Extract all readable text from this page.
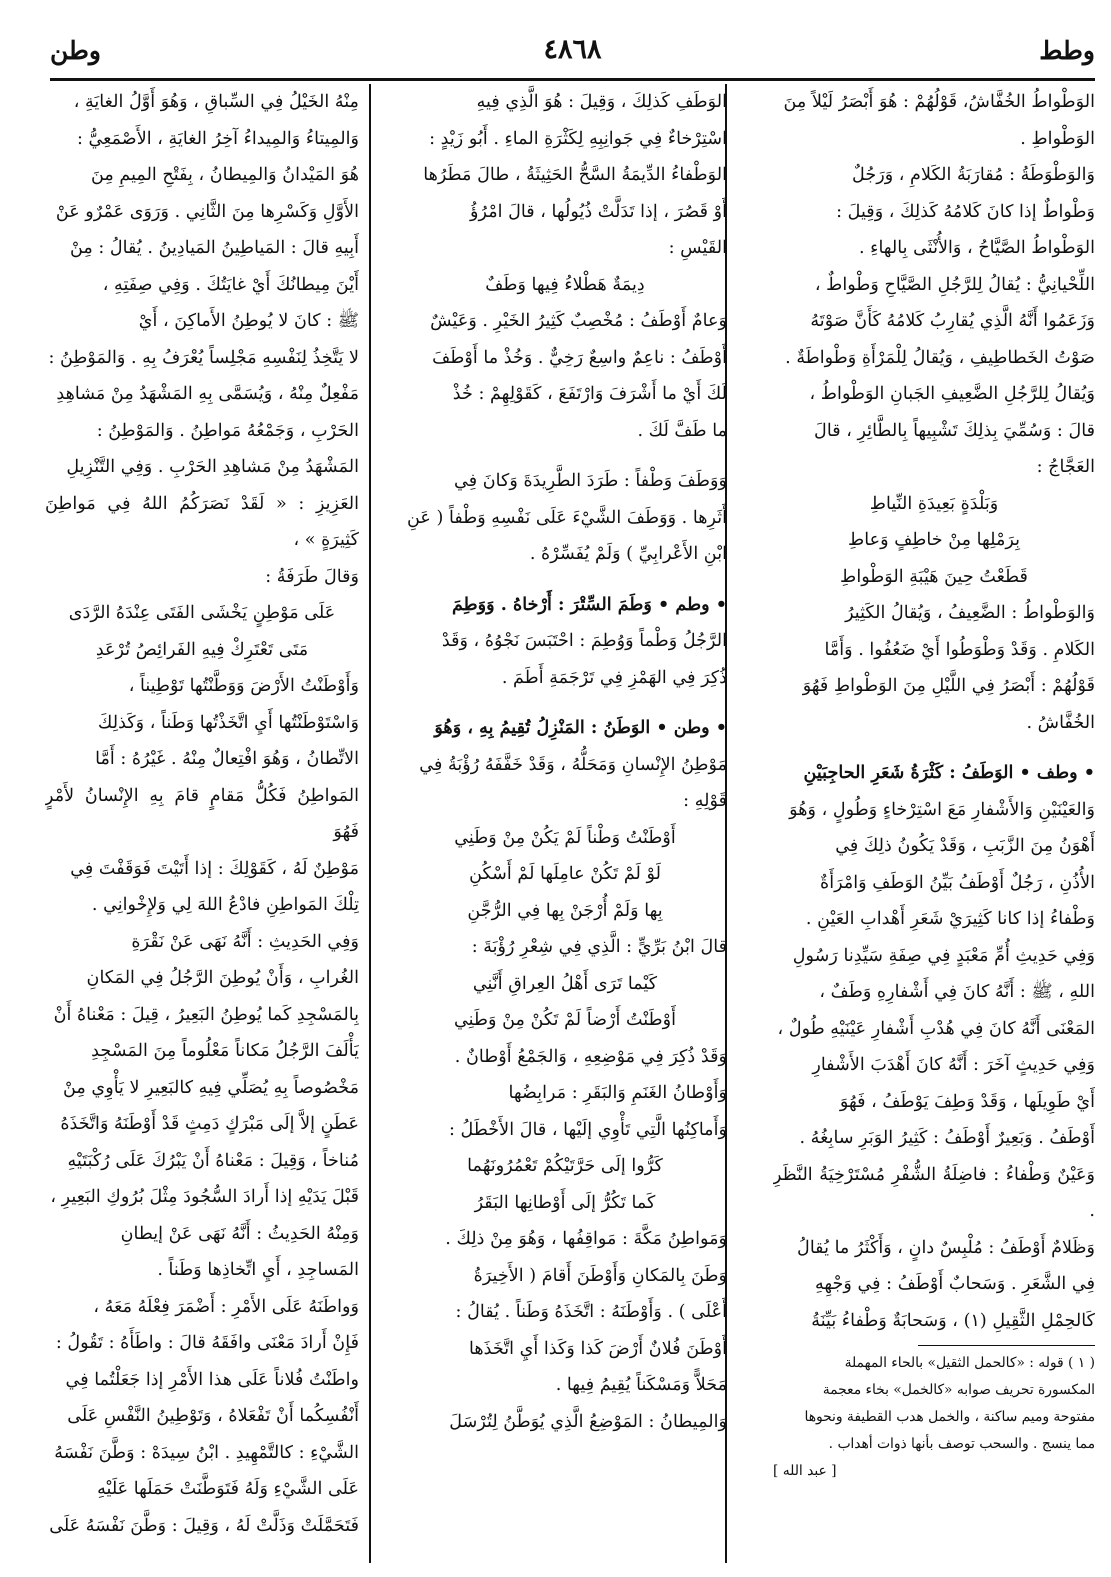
وطط
٤٨٦٨
وطن

الوَطْواطُ الخُفَّاشُ، قَوْلُهُمْ : هُوَ أَبْصَرُ لَيْلاً مِنَ

الوَطْواطِ .

وَالوَطْوَطَةُ : مُقارَبَةُ الكَلامِ ، وَرَجُلٌ

وَطْواطٌ إذا كانَ كَلامُهُ كَذلِكَ ، وَقِيلَ :

الوَطْواطُ الصَّيَّاحُ ، وَالأُنْثَى بِالهاءِ .

اللِّحْيانِيُّ : يُقالُ لِلرَّجُلِ الصَّيَّاحِ وَطْواطٌ ،

وَزَعَمُوا أَنَّهُ الَّذِي يُقارِبُ كَلامُهُ كَأَنَّ صَوْتَهُ

صَوْتُ الخَطاطِيفِ ، وَيُقالُ لِلْمَرْأَةِ وَطْواطَةٌ .

وَيُقالُ لِلرَّجُلِ الضَّعِيفِ الجَبانِ الوَطْواطُ ،

قالَ : وَسُمِّيَ بِذلِكَ تَشْبِيهاً بِالطَّائِرِ ، قالَ

العَجَّاجُ :

وَبَلْدَةٍ بَعِيدَةِ النِّياطِ

بِرَمْلِها مِنْ خاطِفٍ وَعاطِ

قَطَعْتُ حِينَ هَيْبَةِ الوَطْواطِ

وَالوَطْواطُ : الضَّعِيفُ ، وَيُقالُ الكَثِيرُ

الكَلامِ . وَقَدْ وَطْوَطُوا أَيْ ضَعُفُوا . وَأَمَّا

قَوْلُهُمْ : أَبْصَرُ فِي اللَّيْلِ مِنَ الوَطْواطِ فَهُوَ

الخُفَّاشُ .

• وطف • الوَطَفُ : كَثْرَةُ شَعَرِ الحاجِبَيْنِ

وَالعَيْنَيْنِ وَالأَشْفارِ مَعَ اسْتِرْخاءٍ وَطُولٍ ، وَهُوَ

أَهْوَنُ مِنَ الزَّبَبِ ، وَقَدْ يَكُونُ ذلِكَ فِي

الأُذُنِ ، رَجُلٌ أَوْطَفُ بَيِّنُ الوَطَفِ وَامْرَأَةٌ

وَطْفاءُ إذا كانا كَثِيرَيْ شَعَرِ أَهْدابِ العَيْنِ .

وَفِي حَدِيثِ أُمِّ مَعْبَدٍ فِي صِفَةِ سَيِّدِنا رَسُولِ

اللهِ ، ﷺ : أَنَّهُ كانَ فِي أَشْفارِهِ وَطَفٌ ،

المَعْنَى أَنَّهُ كانَ فِي هُدْبِ أَشْفارِ عَيْنَيْهِ طُولٌ ،

وَفِي حَدِيثٍ آخَرَ : أَنَّهُ كانَ أَهْدَبَ الأَشْفارِ

أَيْ طَوِيلَها ، وَقَدْ وَطِفَ يَوْطَفُ ، فَهُوَ

أَوْطَفُ . وَبَعِيرٌ أَوْطَفُ : كَثِيرُ الوَبَرِ سابِغُهُ .

وَعَيْنٌ وَطْفاءُ : فاضِلَةُ الشُّفْرِ مُسْتَرْخِيَةُ النَّظَرِ .

وَظَلامٌ أَوْطَفُ : مُلْبِسٌ دانٍ ، وَأَكْثَرُ ما يُقالُ

فِي الشَّعَرِ . وَسَحابٌ أَوْطَفُ : فِي وَجْهِهِ

كَالحِمْلِ الثَّقِيلِ (١) ، وَسَحابَةٌ وَطْفاءُ بَيِّنَةُ

( ١ ) قوله : «كالحمل الثقيل» بالحاء المهملة

المكسورة تحريف صوابه «كالخمل» بخاء معجمة

مفتوحة وميم ساكنة ، والخمل هدب القطيفة ونحوها

مما ينسج . والسحب توصف بأنها ذوات أهداب .

[ عبد الله ]

الوَطَفِ كَذلِكَ ، وَقِيلَ : هُوَ الَّذِي فِيهِ

اسْتِرْخاءٌ فِي جَوانِبِهِ لِكَثْرَةِ الماءِ . أَبُو زَيْدٍ :

الوَطْفاءُ الدِّيمَةُ السَّحُّ الحَثِيثَةُ ، طالَ مَطَرُها

أَوْ قَصُرَ ، إذا تَدَلَّتْ ذُيُولُها ، قالَ امْرُؤُ

القَيْسِ :

دِيمَةٌ هَطْلاءُ فِيها وَطَفٌ

وَعامٌ أَوْطَفُ : مُخْصِبٌ كَثِيرُ الخَيْرِ . وَعَيْشٌ

أَوْطَفُ : ناعِمٌ واسِعٌ رَخِيٌّ . وَخُذْ ما أَوْطَفَ

لَكَ أَيْ ما أَشْرَفَ وَارْتَفَعَ ، كَقَوْلِهِمْ : خُذْ

ما طَفَّ لَكَ .

وَوَطَفَ وَطْفاً : طَرَدَ الطَّرِيدَةَ وَكانَ فِي

أَثَرِها . وَوَطَفَ الشَّيْءَ عَلَى نَفْسِهِ وَطْفاً ( عَنِ

ابْنِ الأَعْرابِيِّ ) وَلَمْ يُفَسِّرْهُ .

• وطم • وَطَمَ السِّتْرَ : أَرْخاهُ . وَوَطِمَ

الرَّجُلُ وَطْماً وَوُطِمَ : احْتَبَسَ نَجْوُهُ ، وَقَدْ

ذُكِرَ فِي الهَمْزِ فِي تَرْجَمَةِ أَطَمَ .

• وطن • الوَطَنُ : المَنْزِلُ تُقِيمُ بِهِ ، وَهُوَ

مَوْطِنُ الإِنْسانِ وَمَحَلُّهُ ، وَقَدْ خَفَّفَهُ رُؤْبَةُ فِي

قَوْلِهِ :

أَوْطَنْتُ وَطْناً لَمْ يَكُنْ مِنْ وَطَنِي

لَوْ لَمْ تَكُنْ عامِلَها لَمْ أَسْكُنِ

بِها وَلَمْ أُرْجَنْ بِها فِي الرُّجَّنِ

قالَ ابْنُ بَرِّيٍّ : الَّذِي فِي شِعْرِ رُؤْبَةَ :

كَيْما تَرَى أَهْلُ العِراقِ أَنَّنِي

أَوْطَنْتُ أَرْضاً لَمْ تَكُنْ مِنْ وَطَنِي

وَقَدْ ذُكِرَ فِي مَوْضِعِهِ ، وَالجَمْعُ أَوْطانٌ .

وَأَوْطانُ الغَنَمِ وَالبَقَرِ : مَرابِضُها

وَأَماكِنُها الَّتِي تَأْوِي إلَيْها ، قالَ الأَخْطَلُ :

كَرُّوا إلَى حَرَّتَيْكُمْ تَعْمُرُونَهُما

كَما تَكُرُّ إلَى أَوْطانِها البَقَرُ

وَمَواطِنُ مَكَّةَ : مَواقِفُها ، وَهُوَ مِنْ ذلِكَ .

وَطَنَ بِالمَكانِ وَأَوْطَنَ أَقامَ ( الأَخِيرَةُ

أَعْلَى ) . وَأَوْطَنَهُ : اتَّخَذَهُ وَطَناً . يُقالُ :

أَوْطَنَ فُلانٌ أَرْضَ كَذا وَكَذا أَيِ اتَّخَذَها

مَحَلاًّ وَمَسْكَناً يُقِيمُ فِيها .

وَالمِيطانُ : المَوْضِعُ الَّذِي يُوَطَّنُ لِتُرْسَلَ

مِنْهُ الخَيْلُ فِي السِّباقِ ، وَهُوَ أَوَّلُ الغايَةِ ،

وَالمِيتاءُ وَالمِيداءُ آخِرُ الغايَةِ ، الأَصْمَعِيُّ :

هُوَ المَيْدانُ وَالمِيطانُ ، بِفَتْحِ المِيمِ مِنَ

الأَوَّلِ وَكَسْرِها مِنَ الثَّانِي . وَرَوَى عَمْرٌو عَنْ

أَبِيهِ قالَ : المَياطِينُ المَيادِينُ . يُقالُ : مِنْ

أَيْنَ مِيطانُكَ أَيْ غايَتُكَ . وَفِي صِفَتِهِ ،

ﷺ : كانَ لا يُوطِنُ الأَماكِنَ ، أَيْ

لا يَتَّخِذُ لِنَفْسِهِ مَجْلِساً يُعْرَفُ بِهِ . وَالمَوْطِنُ :

مَفْعِلٌ مِنْهُ ، وَيُسَمَّى بِهِ المَشْهَدُ مِنْ مَشاهِدِ

الحَرْبِ ، وَجَمْعُهُ مَواطِنُ . وَالمَوْطِنُ :

المَشْهَدُ مِنْ مَشاهِدِ الحَرْبِ . وَفِي التَّنْزِيلِ

العَزِيزِ : « لَقَدْ نَصَرَكُمُ اللهُ فِي مَواطِنَ كَثِيرَةٍ » ،

وَقالَ طَرَفَةُ :

عَلَى مَوْطِنٍ يَخْشَى الفَتَى عِنْدَهُ الرَّدَى

مَتَى تَعْتَرِكْ فِيهِ الفَرائِصُ تُرْعَدِ

وَأَوْطَنْتُ الأَرْضَ وَوَطَّنْتُها تَوْطِيناً ،

وَاسْتَوْطَنْتُها أَيِ اتَّخَذْتُها وَطَناً ، وَكَذلِكَ

الاتِّطانُ ، وَهُوَ افْتِعالٌ مِنْهُ . غَيْرُهُ : أَمَّا

المَواطِنُ فَكُلُّ مَقامٍ قامَ بِهِ الإِنْسانُ لأَمْرٍ فَهُوَ

مَوْطِنٌ لَهُ ، كَقَوْلِكَ : إذا أَتَيْتَ فَوَقَفْتَ فِي

تِلْكَ المَواطِنِ فادْعُ اللهَ لِي وَلإِخْوانِي .

وَفِي الحَدِيثِ : أَنَّهُ نَهَى عَنْ نَقْرَةِ

الغُرابِ ، وَأَنْ يُوطِنَ الرَّجُلُ فِي المَكانِ

بِالمَسْجِدِ كَما يُوطِنُ البَعِيرُ ، قِيلَ : مَعْناهُ أَنْ

يَأْلَفَ الرَّجُلُ مَكاناً مَعْلُوماً مِنَ المَسْجِدِ

مَخْصُوصاً بِهِ يُصَلِّي فِيهِ كالبَعِيرِ لا يَأْوِي مِنْ

عَطَنٍ إلاَّ إلَى مَبْرَكٍ دَمِثٍ قَدْ أَوْطَنَهُ وَاتَّخَذَهُ

مُناخاً ، وَقِيلَ : مَعْناهُ أَنْ يَبْرُكَ عَلَى رُكْبَتَيْهِ

قَبْلَ يَدَيْهِ إذا أَرادَ السُّجُودَ مِثْلَ بُرُوكِ البَعِيرِ ،

وَمِنْهُ الحَدِيثُ : أَنَّهُ نَهَى عَنْ إيطانِ

المَساجِدِ ، أَيِ اتِّخاذِها وَطَناً .

وَواطَنَهُ عَلَى الأَمْرِ : أَضْمَرَ فِعْلَهُ مَعَهُ ،

فَإِنْ أَرادَ مَعْنَى وافَقَهُ قالَ : واطَأَهُ : تَقُولُ :

واطَنْتُ فُلاناً عَلَى هذا الأَمْرِ إذا جَعَلْتُما فِي

أَنْفُسِكُما أَنْ تَفْعَلاهُ ، وَتَوْطِينُ النَّفْسِ عَلَى

الشَّيْءِ : كالتَّمْهِيدِ . ابْنُ سِيدَهْ : وَطَّنَ نَفْسَهُ

عَلَى الشَّيْءِ وَلَهُ فَتَوَطَّنَتْ حَمَلَها عَلَيْهِ

فَتَحَمَّلَتْ وَذَلَّتْ لَهُ ، وَقِيلَ : وَطَّنَ نَفْسَهُ عَلَى
